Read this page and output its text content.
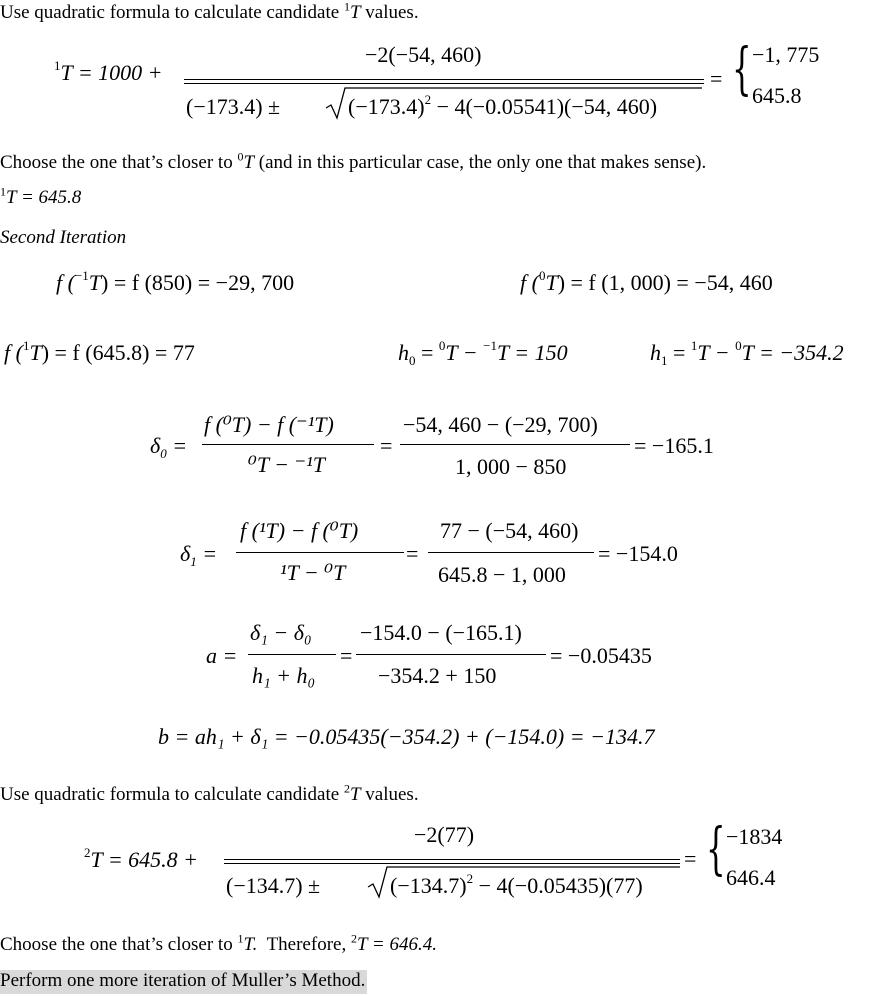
Use quadratic formula to calculate candidate $^1$T values.
$^1$T = 1000 +
−2(−54, 460)
(−173.4) ±	$(-173.4)^2 - 4(-0.05541)(-54$, 460)
= { −1, 775
645.8
Choose the one that’s closer to $^0$T (and in this particular case, the only one that makes sense).
$^1$T = 645.8
Second Iteration
f ($^{-1}$T) = f (850) = −29, 700	f ($^0$T) = f (1, 000) = −54, 460
f ($^1$T) = f (645.8) = 77	$h_0 = ^0T - ^{-1}T = 150$	$h_1 = ^1T - ^0T = -354.2$
$\delta_0$ =
f (⁰T) − f (⁻¹T)
⁰T − ⁻¹T
=
−54, 460 − (−29, 700)
1, 000 − 850
= −165.1
$\delta_1$ =
f (¹T) − f (⁰T)
¹T − ⁰T
=
77 − (−54, 460)
645.8 − 1, 000
= −154.0
a =
δ₁ − δ₀
h₁ + h₀
=
−154.0 − (−165.1)
−354.2 + 150
= −0.05435
b = ah₁ + δ₁ = −0.05435(−354.2) + (−154.0) = −134.7
Use quadratic formula to calculate candidate $^2$T values.
$^2$T = 645.8 +
−2(77)
(−134.7) ±	$(-134.7)^2 - 4(-0.05435)(77)$
= { −1834
646.4
Choose the one that’s closer to $^1$T. Therefore, $^2$T = 646.4.
Perform one more iteration of Muller’s Method.
